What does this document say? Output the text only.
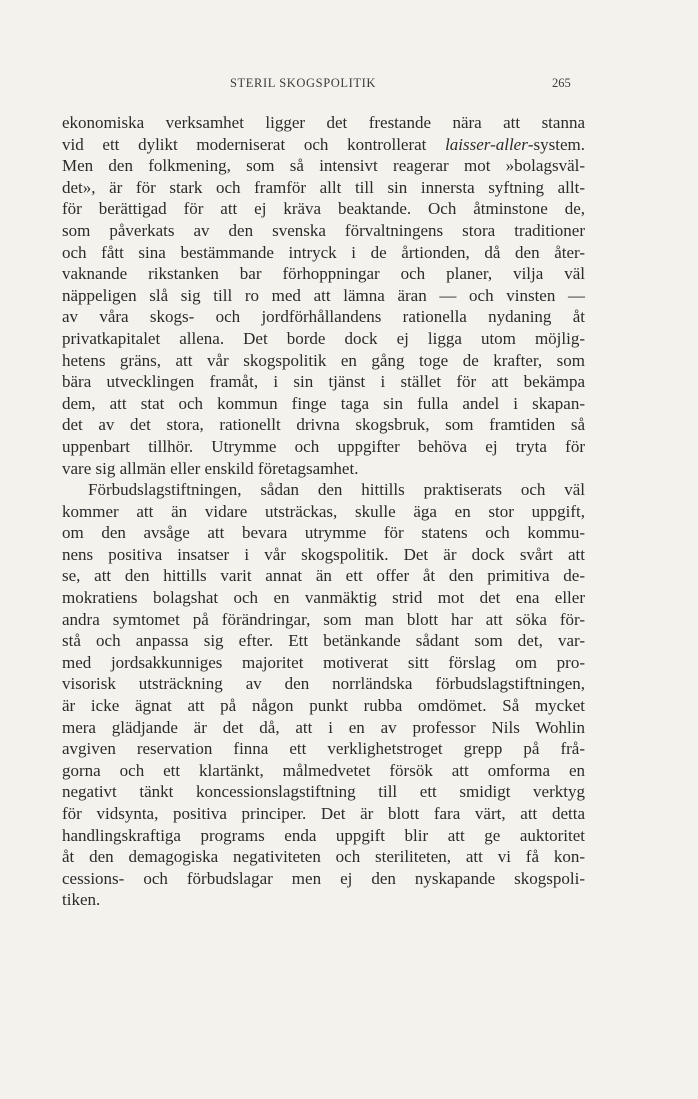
STERIL SKOGSPOLITIK	265
ekonomiska verksamhet ligger det frestande nära att stanna
vid ett dylikt moderniserat och kontrollerat laisser-aller-system.
Men den folkmening, som så intensivt reagerar mot »bolagsväl-
det», är för stark och framför allt till sin innersta syftning allt-
för berättigad för att ej kräva beaktande. Och åtminstone de,
som påverkats av den svenska förvaltningens stora traditioner
och fått sina bestämmande intryck i de årtionden, då den åter-
vaknande rikstanken bar förhoppningar och planer, vilja väl
näppeligen slå sig till ro med att lämna äran — och vinsten —
av våra skogs- och jordförhållandens rationella nydaning åt
privatkapitalet allena. Det borde dock ej ligga utom möjlig-
hetens gräns, att vår skogspolitik en gång toge de krafter, som
bära utvecklingen framåt, i sin tjänst i stället för att bekämpa
dem, att stat och kommun finge taga sin fulla andel i skapan-
det av det stora, rationellt drivna skogsbruk, som framtiden så
uppenbart tillhör. Utrymme och uppgifter behöva ej tryta för
vare sig allmän eller enskild företagsamhet.
Förbudslagstiftningen, sådan den hittills praktiserats och väl
kommer att än vidare utsträckas, skulle äga en stor uppgift,
om den avsåge att bevara utrymme för statens och kommu-
nens positiva insatser i vår skogspolitik. Det är dock svårt att
se, att den hittills varit annat än ett offer åt den primitiva de-
mokratiens bolagshat och en vanmäktig strid mot det ena eller
andra symtomet på förändringar, som man blott har att söka för-
stå och anpassa sig efter. Ett betänkande sådant som det, var-
med jordsakkunniges majoritet motiverat sitt förslag om pro-
visorisk utsträckning av den norrländska förbudslagstiftningen,
är icke ägnat att på någon punkt rubba omdömet. Så mycket
mera glädjande är det då, att i en av professor Nils Wohlin
avgiven reservation finna ett verklighetstroget grepp på frå-
gorna och ett klartänkt, målmedvetet försök att omforma en
negativt tänkt koncessionslagstiftning till ett smidigt verktyg
för vidsynta, positiva principer. Det är blott fara värt, att detta
handlingskraftiga programs enda uppgift blir att ge auktoritet
åt den demagogiska negativiteten och steriliteten, att vi få kon-
cessions- och förbudslagar men ej den nyskapande skogspoli-
tiken.
